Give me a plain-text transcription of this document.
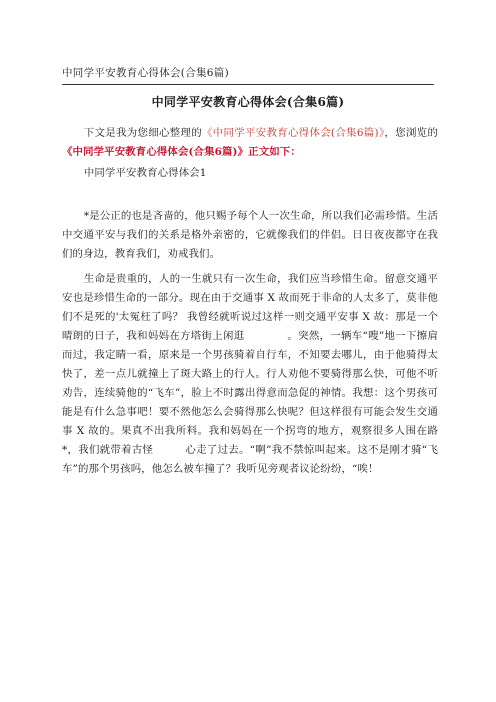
中同学平安教育心得体会(合集6篇)
中同学平安教育心得体会(合集6篇)

下文是我为您细心整理的《中同学平安教育心得体会(合集6篇)》，您浏览的《中同学平安教育心得体会(合集6篇)》正文如下：

中同学平安教育心得体会1

*是公正的也是吝啬的，他只赐予每个人一次生命，所以我们必需珍惜。生活中交通平安与我们的关系是格外亲密的，它就像我们的伴侣。日日夜夜都守在我们的身边，教育我们，劝戒我们。

生命是贵重的，人的一生就只有一次生命，我们应当珍惜生命。留意交通平安也是珍惜生命的一部分。现在由于交通事 X 故而死于非命的人太多了，莫非他们不是死的'太冤枉了吗？ 我曾经就听说过这样一则交通平安事 X 故：那是一个晴朗的日子，我和妈妈在方塔街上闲逛　　　　。突然，一辆车“嗖”地一下擦肩而过，我定睛一看，原来是一个男孩骑着自行车，不知要去哪儿，由于他骑得太快了，差一点儿就撞上了斑大路上的行人。行人劝他不要骑得那么快，可他不听劝告，连续骑他的“飞车”，脸上不时露出得意而急促的神情。我想：这个男孩可能是有什么急事吧！要不然他怎么会骑得那么快呢？但这样很有可能会发生交通事 X 故的。果真不出我所料。我和妈妈在一个拐弯的地方，观察很多人围在路*，我们就带着古怪　　　心走了过去。“啊”我不禁惊叫起来。这不是刚才骑“飞车”的那个男孩吗，他怎么被车撞了？我听见旁观者议论纷纷，“唉！
